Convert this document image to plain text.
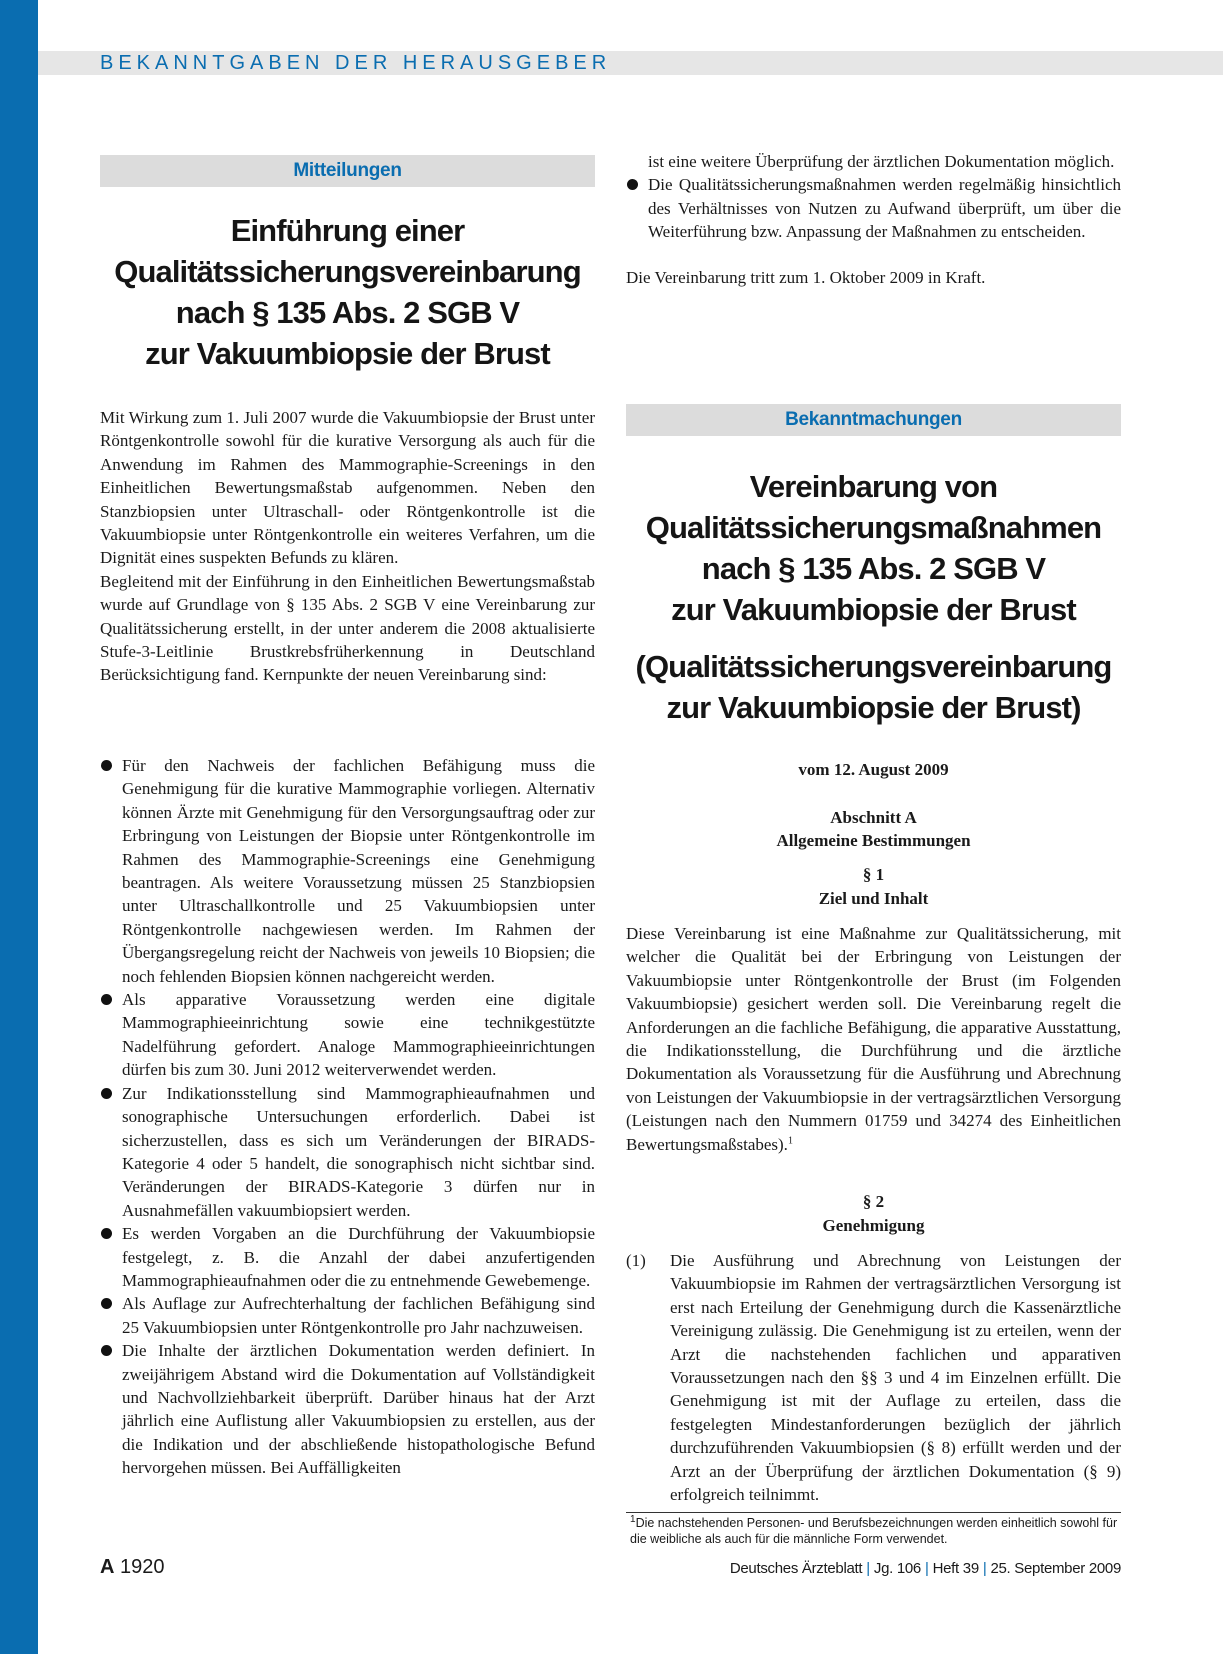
BEKANNTGABEN DER HERAUSGEBER
Mitteilungen
Einführung einer
Qualitätssicherungsvereinbarung
nach § 135 Abs. 2 SGB V
zur Vakuumbiopsie der Brust

Mit Wirkung zum 1. Juli 2007 wurde die Vakuumbiopsie der Brust unter Röntgenkontrolle sowohl für die kurative Versorgung als auch für die Anwendung im Rahmen des Mammographie-Screenings in den Einheitlichen Bewertungsmaßstab aufgenommen. Neben den Stanzbiopsien unter Ultraschall- oder Röntgenkontrolle ist die Vakuumbiopsie unter Röntgenkontrolle ein weiteres Verfahren, um die Dignität eines suspekten Befunds zu klären.

Begleitend mit der Einführung in den Einheitlichen Bewertungsmaßstab wurde auf Grundlage von § 135 Abs. 2 SGB V eine Vereinbarung zur Qualitätssicherung erstellt, in der unter anderem die 2008 aktualisierte Stufe-3-Leitlinie Brustkrebsfrüherkennung in Deutschland Berücksichtigung fand. Kernpunkte der neuen Vereinbarung sind:

Für den Nachweis der fachlichen Befähigung muss die Genehmigung für die kurative Mammographie vorliegen. Alternativ können Ärzte mit Genehmigung für den Versorgungsauftrag oder zur Erbringung von Leistungen der Biopsie unter Röntgenkontrolle im Rahmen des Mammographie-Screenings eine Genehmigung beantragen. Als weitere Voraussetzung müssen 25 Stanzbiopsien unter Ultraschallkontrolle und 25 Vakuumbiopsien unter Röntgenkontrolle nachgewiesen werden. Im Rahmen der Übergangsregelung reicht der Nachweis von jeweils 10 Biopsien; die noch fehlenden Biopsien können nachgereicht werden.
Als apparative Voraussetzung werden eine digitale Mammographieeinrichtung sowie eine technikgestützte Nadelführung gefordert. Analoge Mammographieeinrichtungen dürfen bis zum 30. Juni 2012 weiterverwendet werden.
Zur Indikationsstellung sind Mammographieaufnahmen und sonographische Untersuchungen erforderlich. Dabei ist sicherzustellen, dass es sich um Veränderungen der BIRADS-Kategorie 4 oder 5 handelt, die sonographisch nicht sichtbar sind. Veränderungen der BIRADS-Kategorie 3 dürfen nur in Ausnahmefällen vakuumbiopsiert werden.
Es werden Vorgaben an die Durchführung der Vakuumbiopsie festgelegt, z. B. die Anzahl der dabei anzufertigenden Mammographieaufnahmen oder die zu entnehmende Gewebemenge.
Als Auflage zur Aufrechterhaltung der fachlichen Befähigung sind 25 Vakuumbiopsien unter Röntgenkontrolle pro Jahr nachzuweisen.
Die Inhalte der ärztlichen Dokumentation werden definiert. In zweijährigem Abstand wird die Dokumentation auf Vollständigkeit und Nachvollziehbarkeit überprüft. Darüber hinaus hat der Arzt jährlich eine Auflistung aller Vakuumbiopsien zu erstellen, aus der die Indikation und der abschließende histopathologische Befund hervorgehen müssen. Bei Auffälligkeiten

ist eine weitere Überprüfung der ärztlichen Dokumentation möglich.

Die Qualitätssicherungsmaßnahmen werden regelmäßig hinsichtlich des Verhältnisses von Nutzen zu Aufwand überprüft, um über die Weiterführung bzw. Anpassung der Maßnahmen zu entscheiden.

Die Vereinbarung tritt zum 1. Oktober 2009 in Kraft.

Bekanntmachungen
Vereinbarung von
Qualitätssicherungsmaßnahmen
nach § 135 Abs. 2 SGB V
zur Vakuumbiopsie der Brust
(Qualitätssicherungsvereinbarung
zur Vakuumbiopsie der Brust)
vom 12. August 2009
Abschnitt A
Allgemeine Bestimmungen
§ 1
Ziel und Inhalt

Diese Vereinbarung ist eine Maßnahme zur Qualitätssicherung, mit welcher die Qualität bei der Erbringung von Leistungen der Vakuumbiopsie unter Röntgenkontrolle der Brust (im Folgenden Vakuumbiopsie) gesichert werden soll. Die Vereinbarung regelt die Anforderungen an die fachliche Befähigung, die apparative Ausstattung, die Indikationsstellung, die Durchführung und die ärztliche Dokumentation als Voraussetzung für die Ausführung und Abrechnung von Leistungen der Vakuumbiopsie in der vertragsärztlichen Versorgung (Leistungen nach den Nummern 01759 und 34274 des Einheitlichen Bewertungsmaßstabes).$^1$

§ 2
Genehmigung
(1) Die Ausführung und Abrechnung von Leistungen der Vakuumbiopsie im Rahmen der vertragsärztlichen Versorgung ist erst nach Erteilung der Genehmigung durch die Kassenärztliche Vereinigung zulässig. Die Genehmigung ist zu erteilen, wenn der Arzt die nachstehenden fachlichen und apparativen Voraussetzungen nach den §§ 3 und 4 im Einzelnen erfüllt. Die Genehmigung ist mit der Auflage zu erteilen, dass die festgelegten Mindestanforderungen bezüglich der jährlich durchzuführenden Vakuumbiopsien (§ 8) erfüllt werden und der Arzt an der Überprüfung der ärztlichen Dokumentation (§ 9) erfolgreich teilnimmt.
$^1$Die nachstehenden Personen- und Berufsbezeichnungen werden einheitlich sowohl für die weibliche als auch für die männliche Form verwendet.
A 1920	Deutsches Ärzteblatt | Jg. 106 | Heft 39 | 25. September 2009
